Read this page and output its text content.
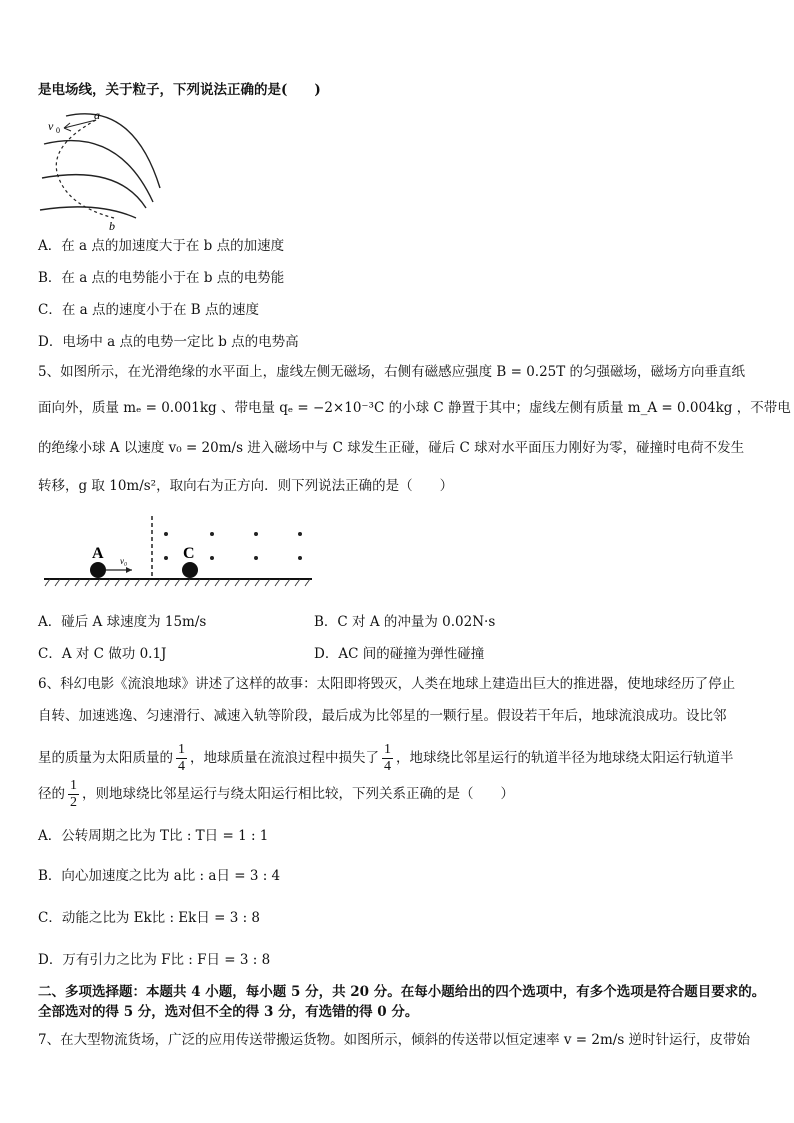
是电场线，关于粒子，下列说法正确的是(　　)
v 0
a
b
A．在 a 点的加速度大于在 b 点的加速度
B．在 a 点的电势能小于在 b 点的电势能
C．在 a 点的速度小于在 B 点的速度
D．电场中 a 点的电势一定比 b 点的电势高
5、如图所示，在光滑绝缘的水平面上，虚线左侧无磁场，右侧有磁感应强度 B = 0.25T 的匀强磁场，磁场方向垂直纸
面向外，质量 mₑ = 0.001kg 、带电量 qₑ = −2×10⁻³C 的小球 C 静置于其中；虚线左侧有质量 m_A = 0.004kg ，不带电
的绝缘小球 A 以速度 v₀ = 20m/s 进入磁场中与 C 球发生正碰，碰后 C 球对水平面压力刚好为零，碰撞时电荷不发生
转移，g 取 10m/s²，取向右为正方向．则下列说法正确的是（　　）
A	C
v₀
A．碰后 A 球速度为 15m/s	B．C 对 A 的冲量为 0.02N·s
C．A 对 C 做功 0.1J	D．AC 间的碰撞为弹性碰撞
6、科幻电影《流浪地球》讲述了这样的故事：太阳即将毁灭，人类在地球上建造出巨大的推进器，使地球经历了停止
自转、加速逃逸、匀速滑行、减速入轨等阶段，最后成为比邻星的一颗行星。假设若干年后，地球流浪成功。设比邻
星的质量为太阳质量的 $\frac{1}{4}$ ，地球质量在流浪过程中损失了 $\frac{1}{4}$ ，地球绕比邻星运行的轨道半径为地球绕太阳运行轨道半
径的 $\frac{1}{2}$ ，则地球绕比邻星运行与绕太阳运行相比较，下列关系正确的是（　　）
A．公转周期之比为 T比 : T日 = 1 : 1
B．向心加速度之比为 a比 : a日 = 3 : 4
C．动能之比为 Ek比 : Ek日 = 3 : 8
D．万有引力之比为 F比 : F日 = 3 : 8
二、多项选择题：本题共 4 小题，每小题 5 分，共 20 分。在每小题给出的四个选项中，有多个选项是符合题目要求的。
全部选对的得 5 分，选对但不全的得 3 分，有选错的得 0 分。
7、在大型物流货场，广泛的应用传送带搬运货物。如图所示，倾斜的传送带以恒定速率 v = 2m/s 逆时针运行，皮带始
